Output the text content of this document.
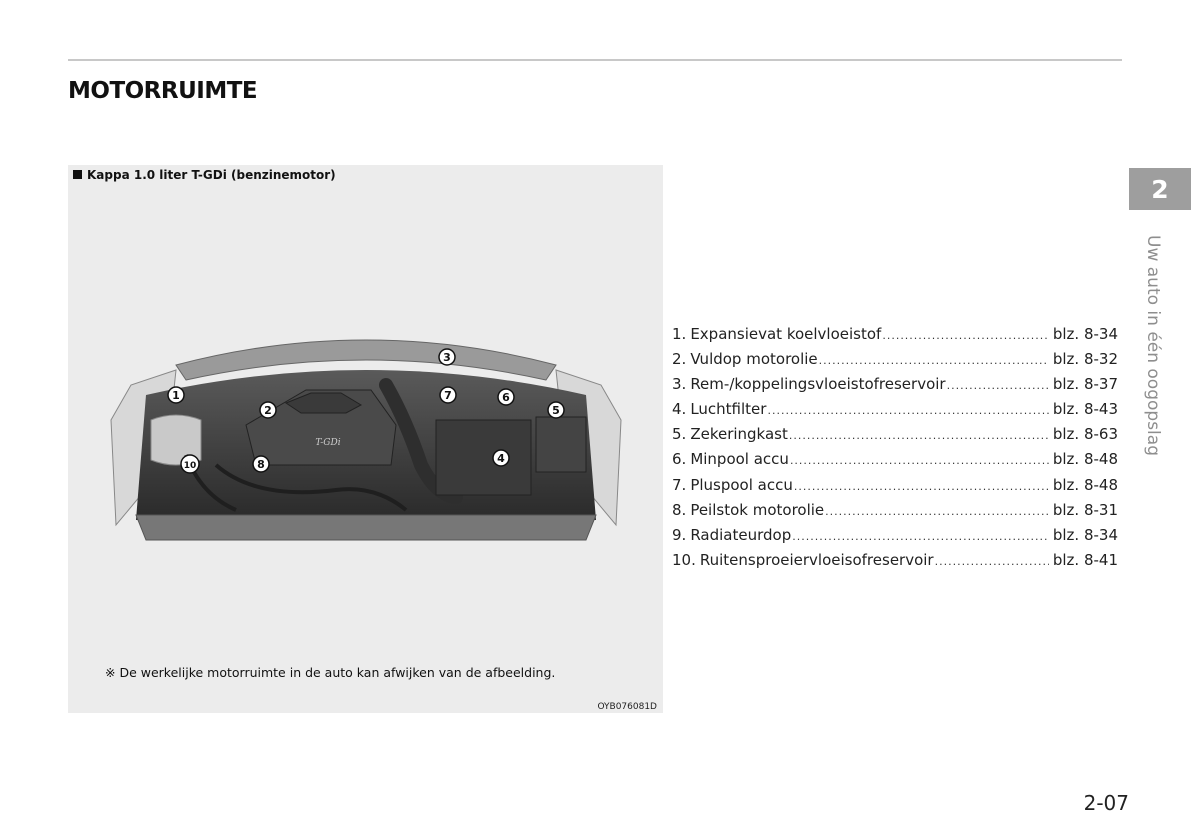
MOTORRUIMTE
Kappa 1.0 liter T-GDi (benzinemotor)
T-GDi
1
2
3
4
5
6
7
8
10
※ De werkelijke motorruimte in de auto kan afwijken van de afbeelding.
OYB076081D
1. Expansievat koelvloeistof .....	blz. 8-34
2. Vuldop motorolie .....	blz. 8-32
3. Rem-/koppelingsvloeistofreservoir .....	blz. 8-37
4. Luchtfilter .....	blz. 8-43
5. Zekeringkast .....	blz. 8-63
6. Minpool accu .....	blz. 8-48
7. Pluspool accu .....	blz. 8-48
8. Peilstok motorolie .....	blz. 8-31
9. Radiateurdop .....	blz. 8-34
10. Ruitensproeiervloeisofreservoir .....	blz. 8-41
2
Uw auto in één oogopslag
2-07
